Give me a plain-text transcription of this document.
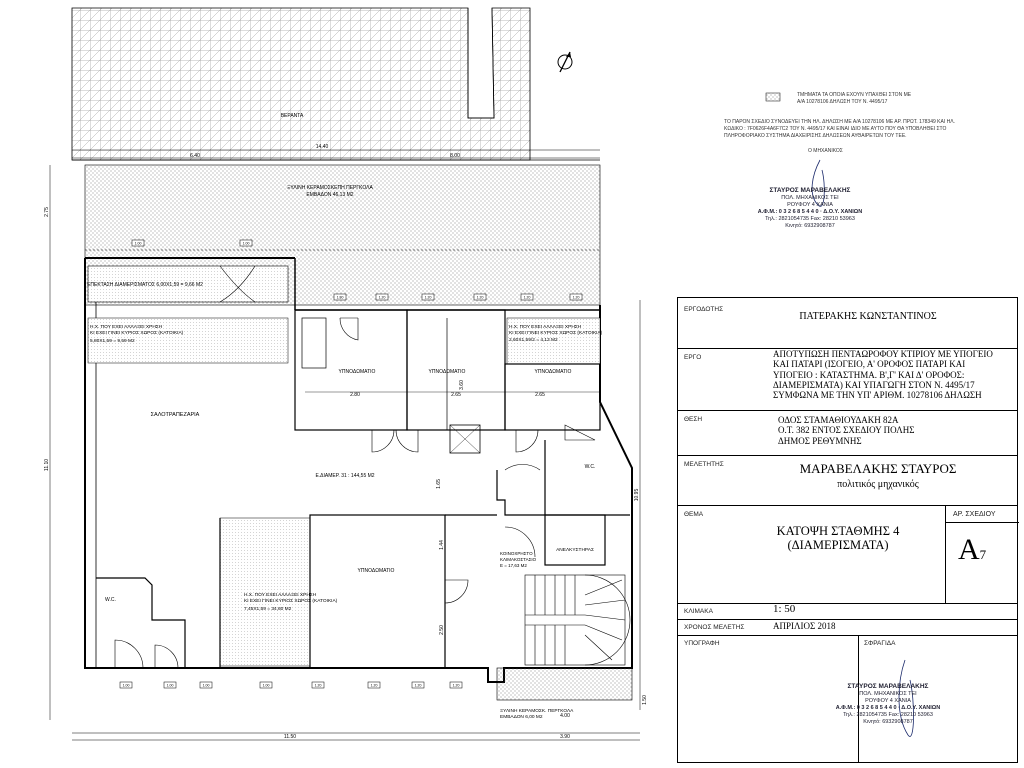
ΒΕΡΑΝΤΑ
14.40
6.40	8.00
ΞΥΛΙΝΗ ΚΕΡΑΜΟΣΚΕΠΗ ΠΕΡΓΚΟΛΑ
ΕΜΒΑΔΟΝ 46,13 Μ2
ΕΠΕΚΤΑΣΗ ΔΙΑΜΕΡΙΣΜΑΤΟΣ 6,00Χ1,59 = 9,66 Μ2
Η.Χ. ΠΟΥ ΕΧΕΙ ΑΛΛΑΞΕΙ ΧΡΗΣΗ
ΚΙ ΕΧΕΙ ΓΙΝΕΙ ΚΥΡΙΟΣ ΧΩΡΟΣ (ΚΑΤΟΙΚΙΑ)
5,80Χ1,59 = 9,59 Μ2
Η.Χ. ΠΟΥ ΕΧΕΙ ΑΛΛΑΞΕΙ ΧΡΗΣΗ
ΚΙ ΕΧΕΙ ΓΙΝΕΙ ΚΥΡΙΟΣ ΧΩΡΟΣ (ΚΑΤΟΙΚΙΑ)
2,60Χ1,59/2 = 4,13 Μ2
ΥΠΝΟΔΩΜΑΤΙΟ	ΥΠΝΟΔΩΜΑΤΙΟ	ΥΠΝΟΔΩΜΑΤΙΟ
2.80	2.65	2.65
3.60
ΣΑΛΟΤΡΑΠΕΖΑΡΙΑ
Ε.ΔΙΑΜΕΡ. 31 : 144,55 Μ2
W.C.
1.65
Η.Χ. ΠΟΥ ΕΧΕΙ ΑΛΛΑΞΕΙ ΧΡΗΣΗ
ΚΙ ΕΧΕΙ ΓΙΝΕΙ ΚΥΡΙΟΣ ΧΩΡΟΣ (ΚΑΤΟΙΚΙΑ)
7,45Χ1,59 = 34,60 Μ2
ΥΠΝΟΔΩΜΑΤΙΟ
1.44
2.50
ΑΝΕΛΚΥΣΤΗΡΑΣ
ΚΟΙΝΟΧΡΗΣΤΟ
ΚΛΙΜΑΚΟΣΤΑΣΙΟ
Ε = 17,63 Μ2
W.C.
ΞΥΛΙΝΗ ΚΕΡΑΜΟΣΚ. ΠΕΡΓΚΟΛΑ
ΕΜΒΑΔΟΝ 6,00 Μ2	4.00
1.00	1.00
1.80	1.20	1.20	1.20	1.20	1.20
1.00	1.00	1.00	1.00	1.20	1.20	1.20	1.20
2.75
11.10
10.95
1.50
11.50	3.90
ΤΜΗΜΑΤΑ ΤΑ ΟΠΟΙΑ ΕΧΟΥΝ ΥΠΑΧΘΕΙ ΣΤΟΝ ΜΕ
Α/Α 10278106 ΔΗΛΩΣΗ ΤΟΥ Ν. 4495/17
ΤΟ ΠΑΡΟΝ ΣΧΕΔΙΟ ΣΥΝΟΔΕΥΕΙ ΤΗΝ ΗΛ. ΔΗΛΩΣΗ ΜΕ Α/Α 10278106 ΜΕ ΑΡ. ΠΡΩΤ. 178349 ΚΑΙ ΗΛ.
ΚΩΔΙΚΟ : 7F0626F4A6F7C2 ΤΟΥ Ν. 4495/17 ΚΑΙ ΕΙΝΑΙ ΙΔΙΟ ΜΕ ΑΥΤΟ ΠΟΥ ΘΑ ΥΠΟΒΛΗΘΕΙ ΣΤΟ
ΠΛΗΡΟΦΟΡΙΑΚΟ ΣΥΣΤΗΜΑ ΔΙΑΧΕΙΡΙΣΗΣ ΔΗΛΩΣΕΩΝ ΑΥΘΑΙΡΕΤΩΝ ΤΟΥ ΤΕΕ.
Ο ΜΗΧΑΝΙΚΟΣ
ΣΤΑΥΡΟΣ ΜΑΡΑΒΕΛΑΚΗΣ
ΠΟΛ. ΜΗΧΑΝΙΚΟΣ ΤΕΙ
ΡΟΥΦΟΥ 4 ΧΑΝΙΑ
Α.Φ.Μ.: 0 3 2 6 8 5 4 4 0 · Δ.Ο.Υ. ΧΑΝΙΩΝ
Τηλ.: 2821054735 Fax: 28210 53963
Κινητό: 6932908787
ΕΡΓΟΔΟΤΗΣ
ΠΑΤΕΡΑΚΗΣ ΚΩΝΣΤΑΝΤΙΝΟΣ
ΕΡΓΟ	ΑΠΟΤΥΠΩΣΗ ΠΕΝΤΑΩΡΟΦΟΥ ΚΤΙΡΙΟΥ ΜΕ ΥΠΟΓΕΙΟ
ΚΑΙ ΠΑΤΑΡΙ (ΙΣΟΓΕΙΟ, Α' ΟΡΟΦΟΣ ΠΑΤΑΡΙ ΚΑΙ
ΥΠΟΓΕΙΟ : ΚΑΤΑΣΤΗΜΑ. Β',Γ' ΚΑΙ Δ' ΟΡΟΦΟΣ:
ΔΙΑΜΕΡΙΣΜΑΤΑ) ΚΑΙ ΥΠΑΓΩΓΗ ΣΤΟΝ Ν. 4495/17
ΣΥΜΦΩΝΑ ΜΕ ΤΗΝ ΥΠ' ΑΡΙΘΜ. 10278106 ΔΗΛΩΣΗ
ΘΕΣΗ	ΟΔΟΣ ΣΤΑΜΑΘΙΟΥΔΑΚΗ 82Α
Ο.Τ. 382 ΕΝΤΟΣ ΣΧΕΔΙΟΥ ΠΟΛΗΣ
ΔΗΜΟΣ ΡΕΘΥΜΝΗΣ
ΜΕΛΕΤΗΤΗΣ	ΜΑΡΑΒΕΛΑΚΗΣ ΣΤΑΥΡΟΣ
πολιτικός μηχανικός
ΘΕΜΑ
ΚΑΤΟΨΗ ΣΤΑΘΜΗΣ 4
(ΔΙΑΜΕΡΙΣΜΑΤΑ)
ΑΡ. ΣΧΕΔΙΟΥ
A7
ΚΛΙΜΑΚΑ	1: 50
ΧΡΟΝΟΣ ΜΕΛΕΤΗΣ	ΑΠΡΙΛΙΟΣ 2018
ΥΠΟΓΡΑΦΗ	ΣΦΡΑΓΙΔΑ
ΣΤΑΥΡΟΣ ΜΑΡΑΒΕΛΑΚΗΣ
ΠΟΛ. ΜΗΧΑΝΙΚΟΣ ΤΕΙ
ΡΟΥΦΟΥ 4 ΧΑΝΙΑ
Α.Φ.Μ.: 0 3 2 6 8 5 4 4 0 · Δ.Ο.Υ. ΧΑΝΙΩΝ
Τηλ.: 2821054735 Fax: 28210 53963
Κινητό: 6932908787
